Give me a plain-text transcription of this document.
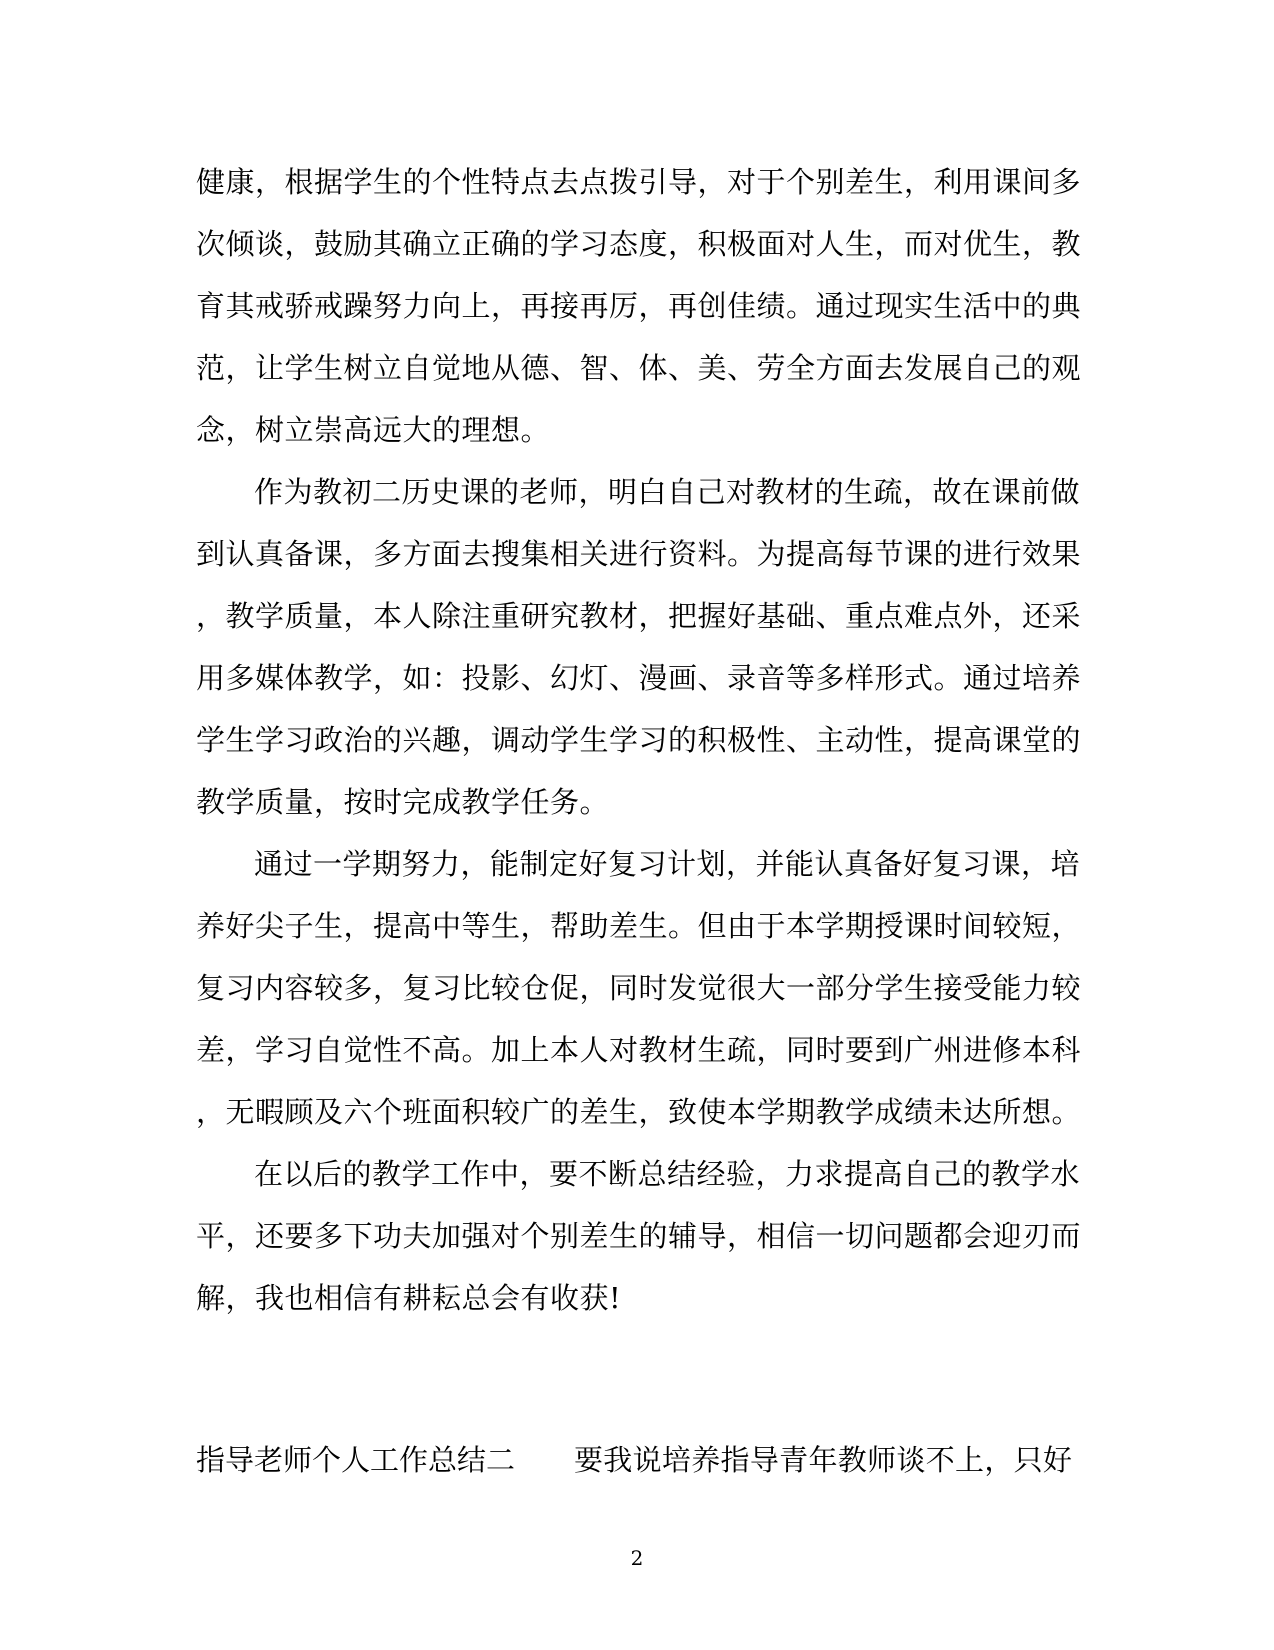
健康，根据学生的个性特点去点拨引导，对于个别差生，利用课间多
次倾谈，鼓励其确立正确的学习态度，积极面对人生，而对优生，教
育其戒骄戒躁努力向上，再接再厉，再创佳绩。通过现实生活中的典
范，让学生树立自觉地从德、智、体、美、劳全方面去发展自己的观
念，树立崇高远大的理想。
作为教初二历史课的老师，明白自己对教材的生疏，故在课前做
到认真备课，多方面去搜集相关进行资料。为提高每节课的进行效果
，教学质量，本人除注重研究教材，把握好基础、重点难点外，还采
用多媒体教学，如：投影、幻灯、漫画、录音等多样形式。通过培养
学生学习政治的兴趣，调动学生学习的积极性、主动性，提高课堂的
教学质量，按时完成教学任务。
通过一学期努力，能制定好复习计划，并能认真备好复习课，培
养好尖子生，提高中等生，帮助差生。但由于本学期授课时间较短，
复习内容较多，复习比较仓促，同时发觉很大一部分学生接受能力较
差，学习自觉性不高。加上本人对教材生疏，同时要到广州进修本科
，无暇顾及六个班面积较广的差生，致使本学期教学成绩未达所想。
在以后的教学工作中，要不断总结经验，力求提高自己的教学水
平，还要多下功夫加强对个别差生的辅导，相信一切问题都会迎刃而
解，我也相信有耕耘总会有收获!
指导老师个人工作总结二 要我说培养指导青年教师谈不上，只好
2
